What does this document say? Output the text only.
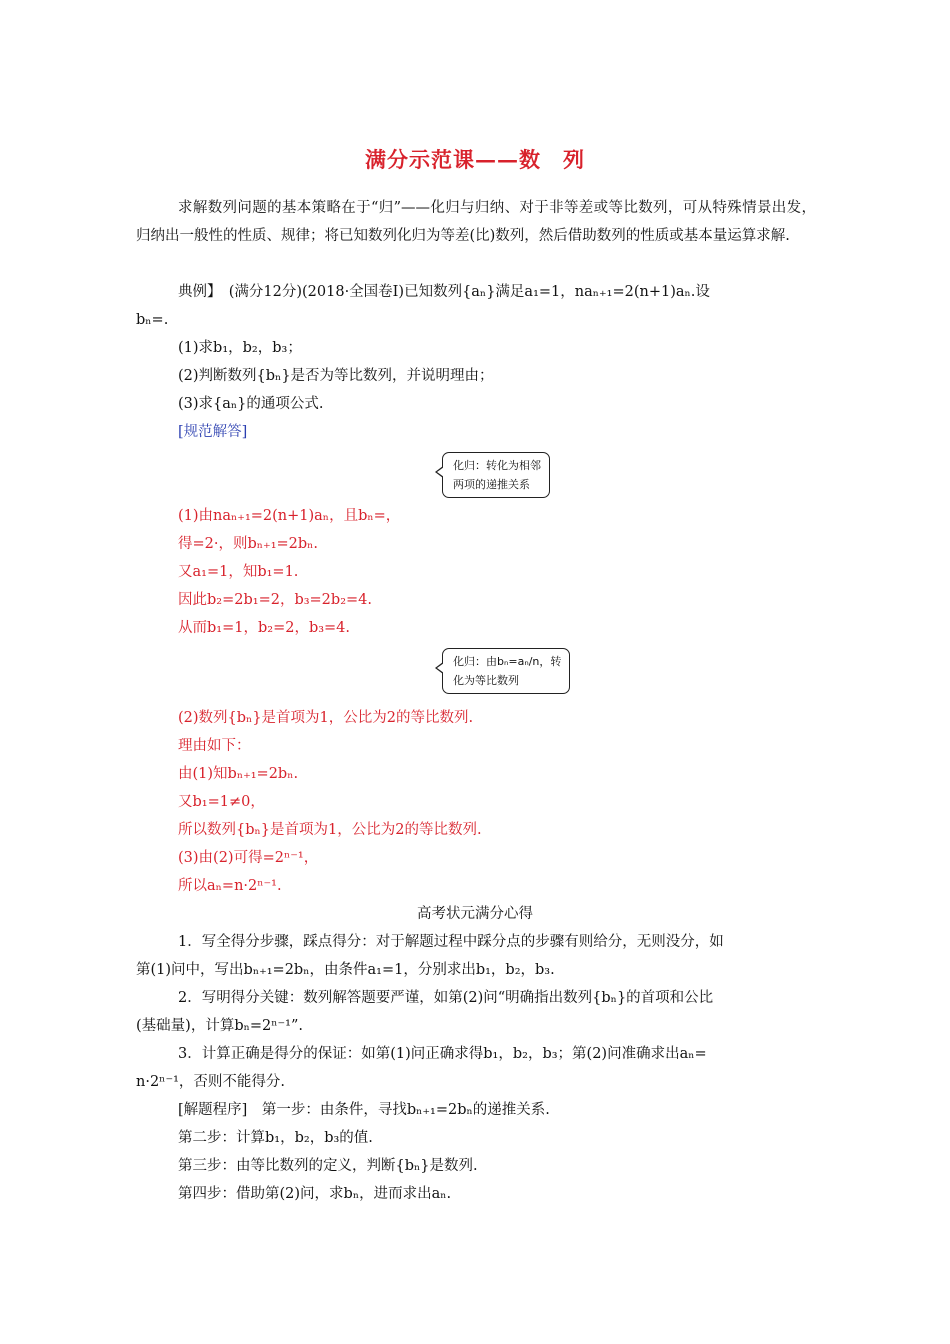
满分示范课——数　列
求解数列问题的基本策略在于“归”——化归与归纳、对于非等差或等比数列，可从特殊情景出发，归纳出一般性的性质、规律；将已知数列化归为等差(比)数列，然后借助数列的性质或基本量运算求解.
典例】　(满分12分)(2018·全国卷Ⅰ)已知数列{aₙ}满足a₁=1，naₙ₊₁=2(n+1)aₙ.设
bₙ=.
(1)求b₁，b₂，b₃；
(2)判断数列{bₙ}是否为等比数列，并说明理由；
(3)求{aₙ}的通项公式.
[规范解答]
化归：转化为相邻
两项的递推关系
(1)由naₙ₊₁=2(n+1)aₙ，且bₙ=，
得=2·，则bₙ₊₁=2bₙ.
又a₁=1，知b₁=1.
因此b₂=2b₁=2，b₃=2b₂=4.
从而b₁=1，b₂=2，b₃=4.
化归：由bₙ=aₙ/n，转
化为等比数列
(2)数列{bₙ}是首项为1，公比为2的等比数列.
理由如下：
由(1)知bₙ₊₁=2bₙ.
又b₁=1≠0，
所以数列{bₙ}是首项为1，公比为2的等比数列.
(3)由(2)可得=2ⁿ⁻¹，
所以aₙ=n·2ⁿ⁻¹.
高考状元满分心得
1．写全得分步骤，踩点得分：对于解题过程中踩分点的步骤有则给分，无则没分，如
第(1)问中，写出bₙ₊₁=2bₙ，由条件a₁=1，分别求出b₁，b₂，b₃.
2．写明得分关键：数列解答题要严谨，如第(2)问“明确指出数列{bₙ}的首项和公比
(基础量)，计算bₙ=2ⁿ⁻¹”.
3．计算正确是得分的保证：如第(1)问正确求得b₁，b₂，b₃；第(2)问准确求出aₙ=
n·2ⁿ⁻¹，否则不能得分.
[解题程序]　第一步：由条件，寻找bₙ₊₁=2bₙ的递推关系.
第二步：计算b₁，b₂，b₃的值.
第三步：由等比数列的定义，判断{bₙ}是数列.
第四步：借助第(2)问，求bₙ，进而求出aₙ.
